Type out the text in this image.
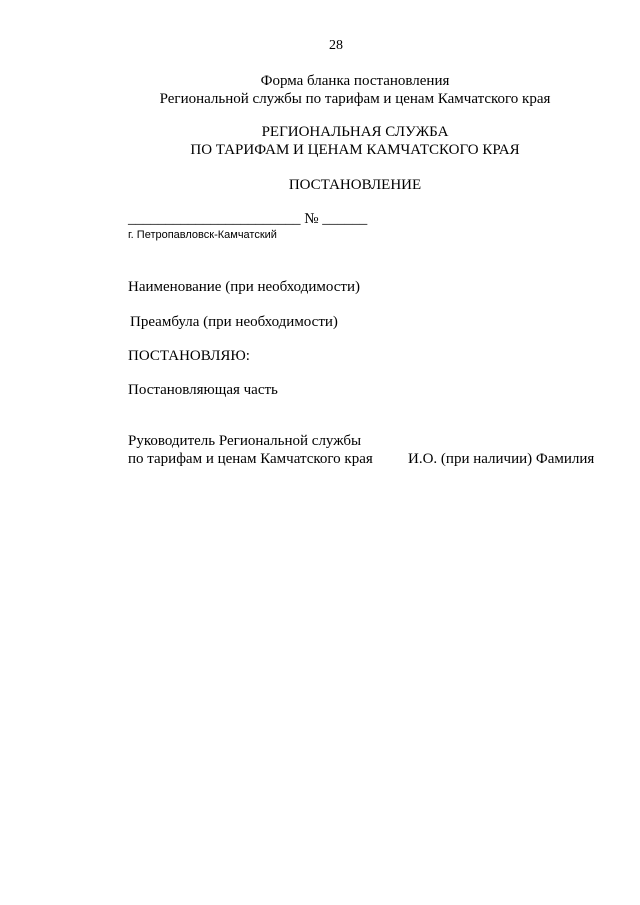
28
Форма бланка постановления
Региональной службы по тарифам и ценам Камчатского края
РЕГИОНАЛЬНАЯ СЛУЖБА
ПО ТАРИФАМ И ЦЕНАМ КАМЧАТСКОГО КРАЯ
ПОСТАНОВЛЕНИЕ
_______________________ № ______
г. Петропавловск-Камчатский
Наименование (при необходимости)
Преамбула (при необходимости)
ПОСТАНОВЛЯЮ:
Постановляющая часть
Руководитель Региональной службы
по тарифам и ценам Камчатского края И.О. (при наличии) Фамилия
